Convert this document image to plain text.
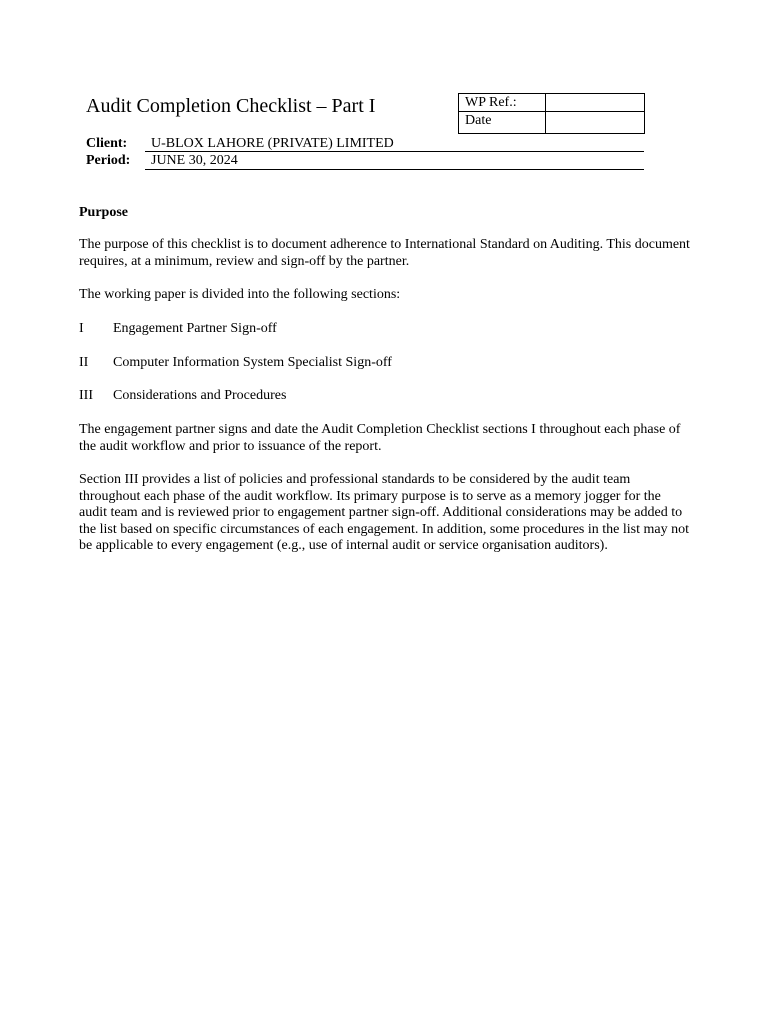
Audit Completion Checklist – Part I	WP Ref.:
Date
Client: U-BLOX LAHORE (PRIVATE) LIMITED
Period: JUNE 30, 2024
Purpose
The purpose of this checklist is to document adherence to International Standard on Auditing. This document requires, at a minimum, review and sign-off by the partner.
The working paper is divided into the following sections:
I Engagement Partner Sign-off
II Computer Information System Specialist Sign-off
III Considerations and Procedures
The engagement partner signs and date the Audit Completion Checklist sections I throughout each phase of the audit workflow and prior to issuance of the report.
Section III provides a list of policies and professional standards to be considered by the audit team throughout each phase of the audit workflow. Its primary purpose is to serve as a memory jogger for the audit team and is reviewed prior to engagement partner sign-off. Additional considerations may be added to the list based on specific circumstances of each engagement. In addition, some procedures in the list may not be applicable to every engagement (e.g., use of internal audit or service organisation auditors).
